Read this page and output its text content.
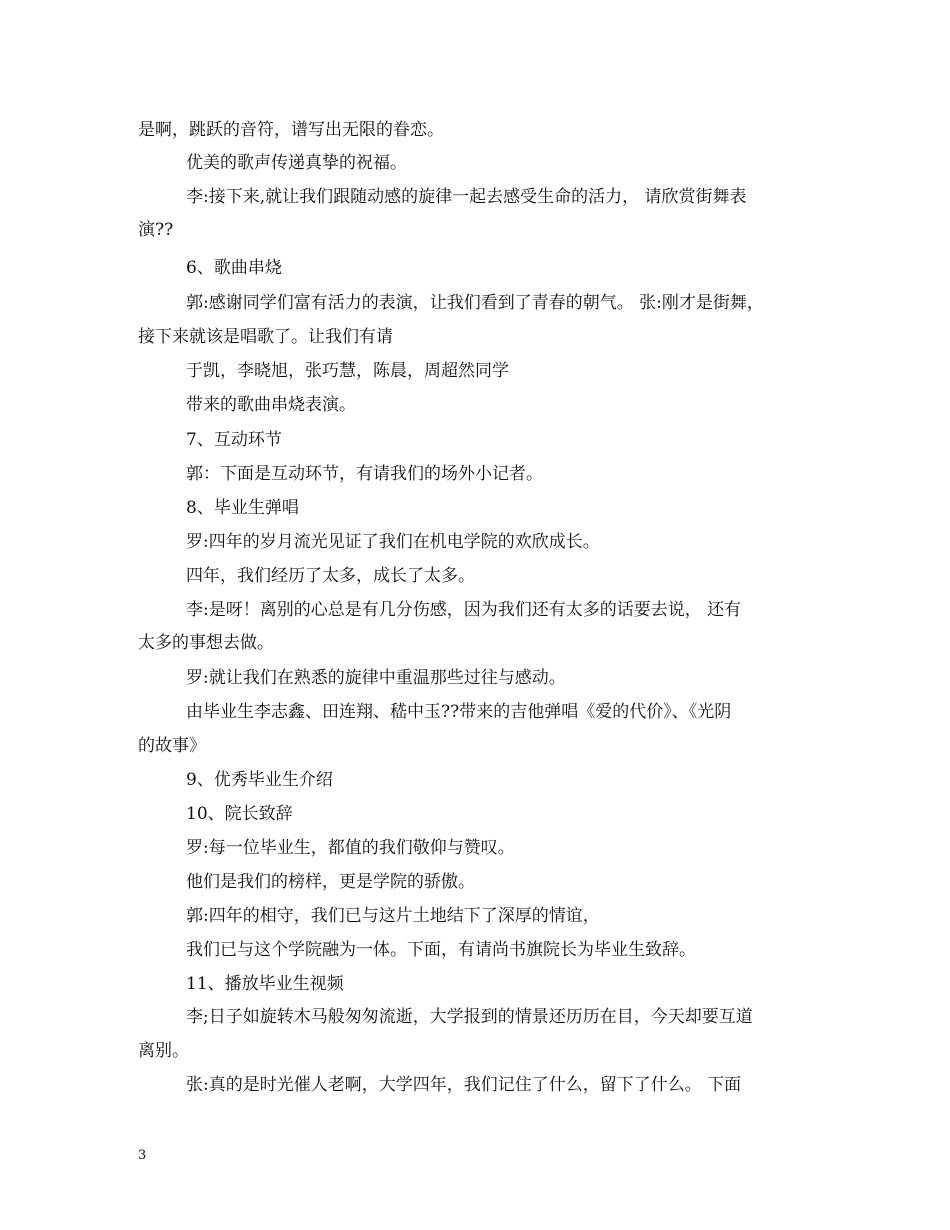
是啊，跳跃的音符，谱写出无限的眷恋。
优美的歌声传递真挚的祝福。
李:接下来,就让我们跟随动感的旋律一起去感受生命的活力， 请欣赏街舞表
演??
6、歌曲串烧
郭:感谢同学们富有活力的表演，让我们看到了青春的朝气。 张:刚才是街舞，
接下来就该是唱歌了。让我们有请
于凯，李晓旭，张巧慧，陈晨，周超然同学
带来的歌曲串烧表演。
7、互动环节
郭：下面是互动环节，有请我们的场外小记者。
8、毕业生弹唱
罗:四年的岁月流光见证了我们在机电学院的欢欣成长。
四年，我们经历了太多，成长了太多。
李:是呀！离别的心总是有几分伤感，因为我们还有太多的话要去说， 还有
太多的事想去做。
罗:就让我们在熟悉的旋律中重温那些过往与感动。
由毕业生李志鑫、田连翔、嵇中玉??带来的吉他弹唱《爱的代价》、《光阴
的故事》
9、优秀毕业生介绍
10、院长致辞
罗:每一位毕业生，都值的我们敬仰与赞叹。
他们是我们的榜样，更是学院的骄傲。
郭:四年的相守，我们已与这片土地结下了深厚的情谊，
我们已与这个学院融为一体。下面，有请尚书旗院长为毕业生致辞。
11、播放毕业生视频
李;日子如旋转木马般匆匆流逝，大学报到的情景还历历在目，今天却要互道
离别。
张:真的是时光催人老啊，大学四年，我们记住了什么，留下了什么。 下面
3
